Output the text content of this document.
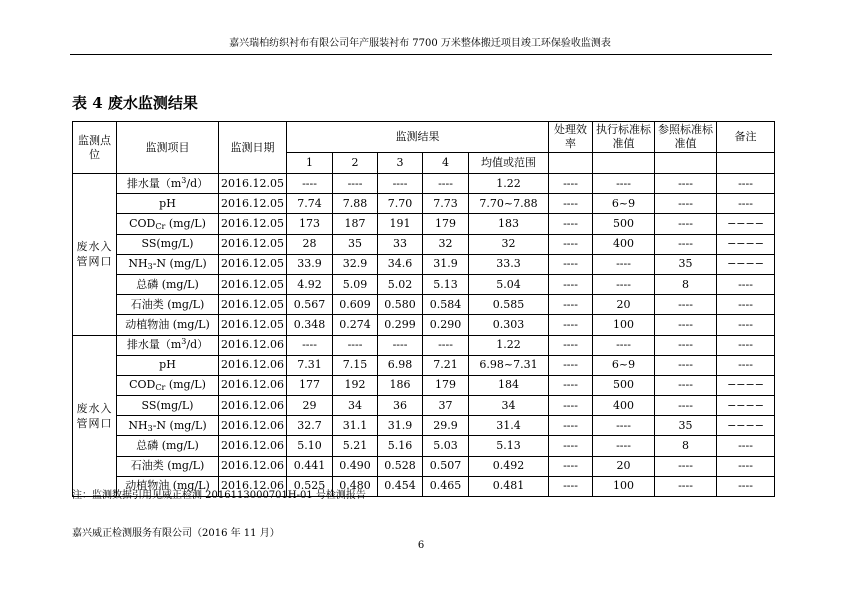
嘉兴瑞柏纺织衬布有限公司年产服装衬布 7700 万米整体搬迁项目竣工环保验收监测表
表 4 废水监测结果
监测点位	监测项目	监测日期	监测结果					处理效率	执行标准标准值	参照标准标准值	备注
			1	2	3	4	均值或范围				
废水入管网口	排水量$(m^3/d)$	2016.12.05	----	----	----	----	1.22	----	----	----	----
	pH	2016.12.05	7.74	7.88	7.70	7.73	7.70~7.88	----	6~9	----	----
	$COD_{Cr}$ (mg/L)	2016.12.05	173	187	191	179	183	----	500	----	−−−−
	SS(mg/L)	2016.12.05	28	35	33	32	32	----	400	----	−−−−
	$NH_3-N$ (mg/L)	2016.12.05	33.9	32.9	34.6	31.9	33.3	----	----	35	−−−−
	总磷 (mg/L)	2016.12.05	4.92	5.09	5.02	5.13	5.04	----	----	8	----
	石油类 (mg/L)	2016.12.05	0.567	0.609	0.580	0.584	0.585	----	20	----	----
	动植物油 (mg/L)	2016.12.05	0.348	0.274	0.299	0.290	0.303	----	100	----	----
废水入管网口	排水量$(m^3/d)$	2016.12.06	----	----	----	----	1.22	----	----	----	----
	pH	2016.12.06	7.31	7.15	6.98	7.21	6.98~7.31	----	6~9	----	----
	$COD_{Cr}$ (mg/L)	2016.12.06	177	192	186	179	184	----	500	----	−−−−
	SS(mg/L)	2016.12.06	29	34	36	37	34	----	400	----	−−−−
	$NH_3-N$ (mg/L)	2016.12.06	32.7	31.1	31.9	29.9	31.4	----	----	35	−−−−
	总磷 (mg/L)	2016.12.06	5.10	5.21	5.16	5.03	5.13	----	----	8	----
	石油类 (mg/L)	2016.12.06	0.441	0.490	0.528	0.507	0.492	----	20	----	----
	动植物油 (mg/L)	2016.12.06	0.525	0.480	0.454	0.465	0.481	----	100	----	----
注：监测数据引用见威正检测 2016113000701H-01 号检测报告
嘉兴威正检测服务有限公司（2016 年 11 月）
6
